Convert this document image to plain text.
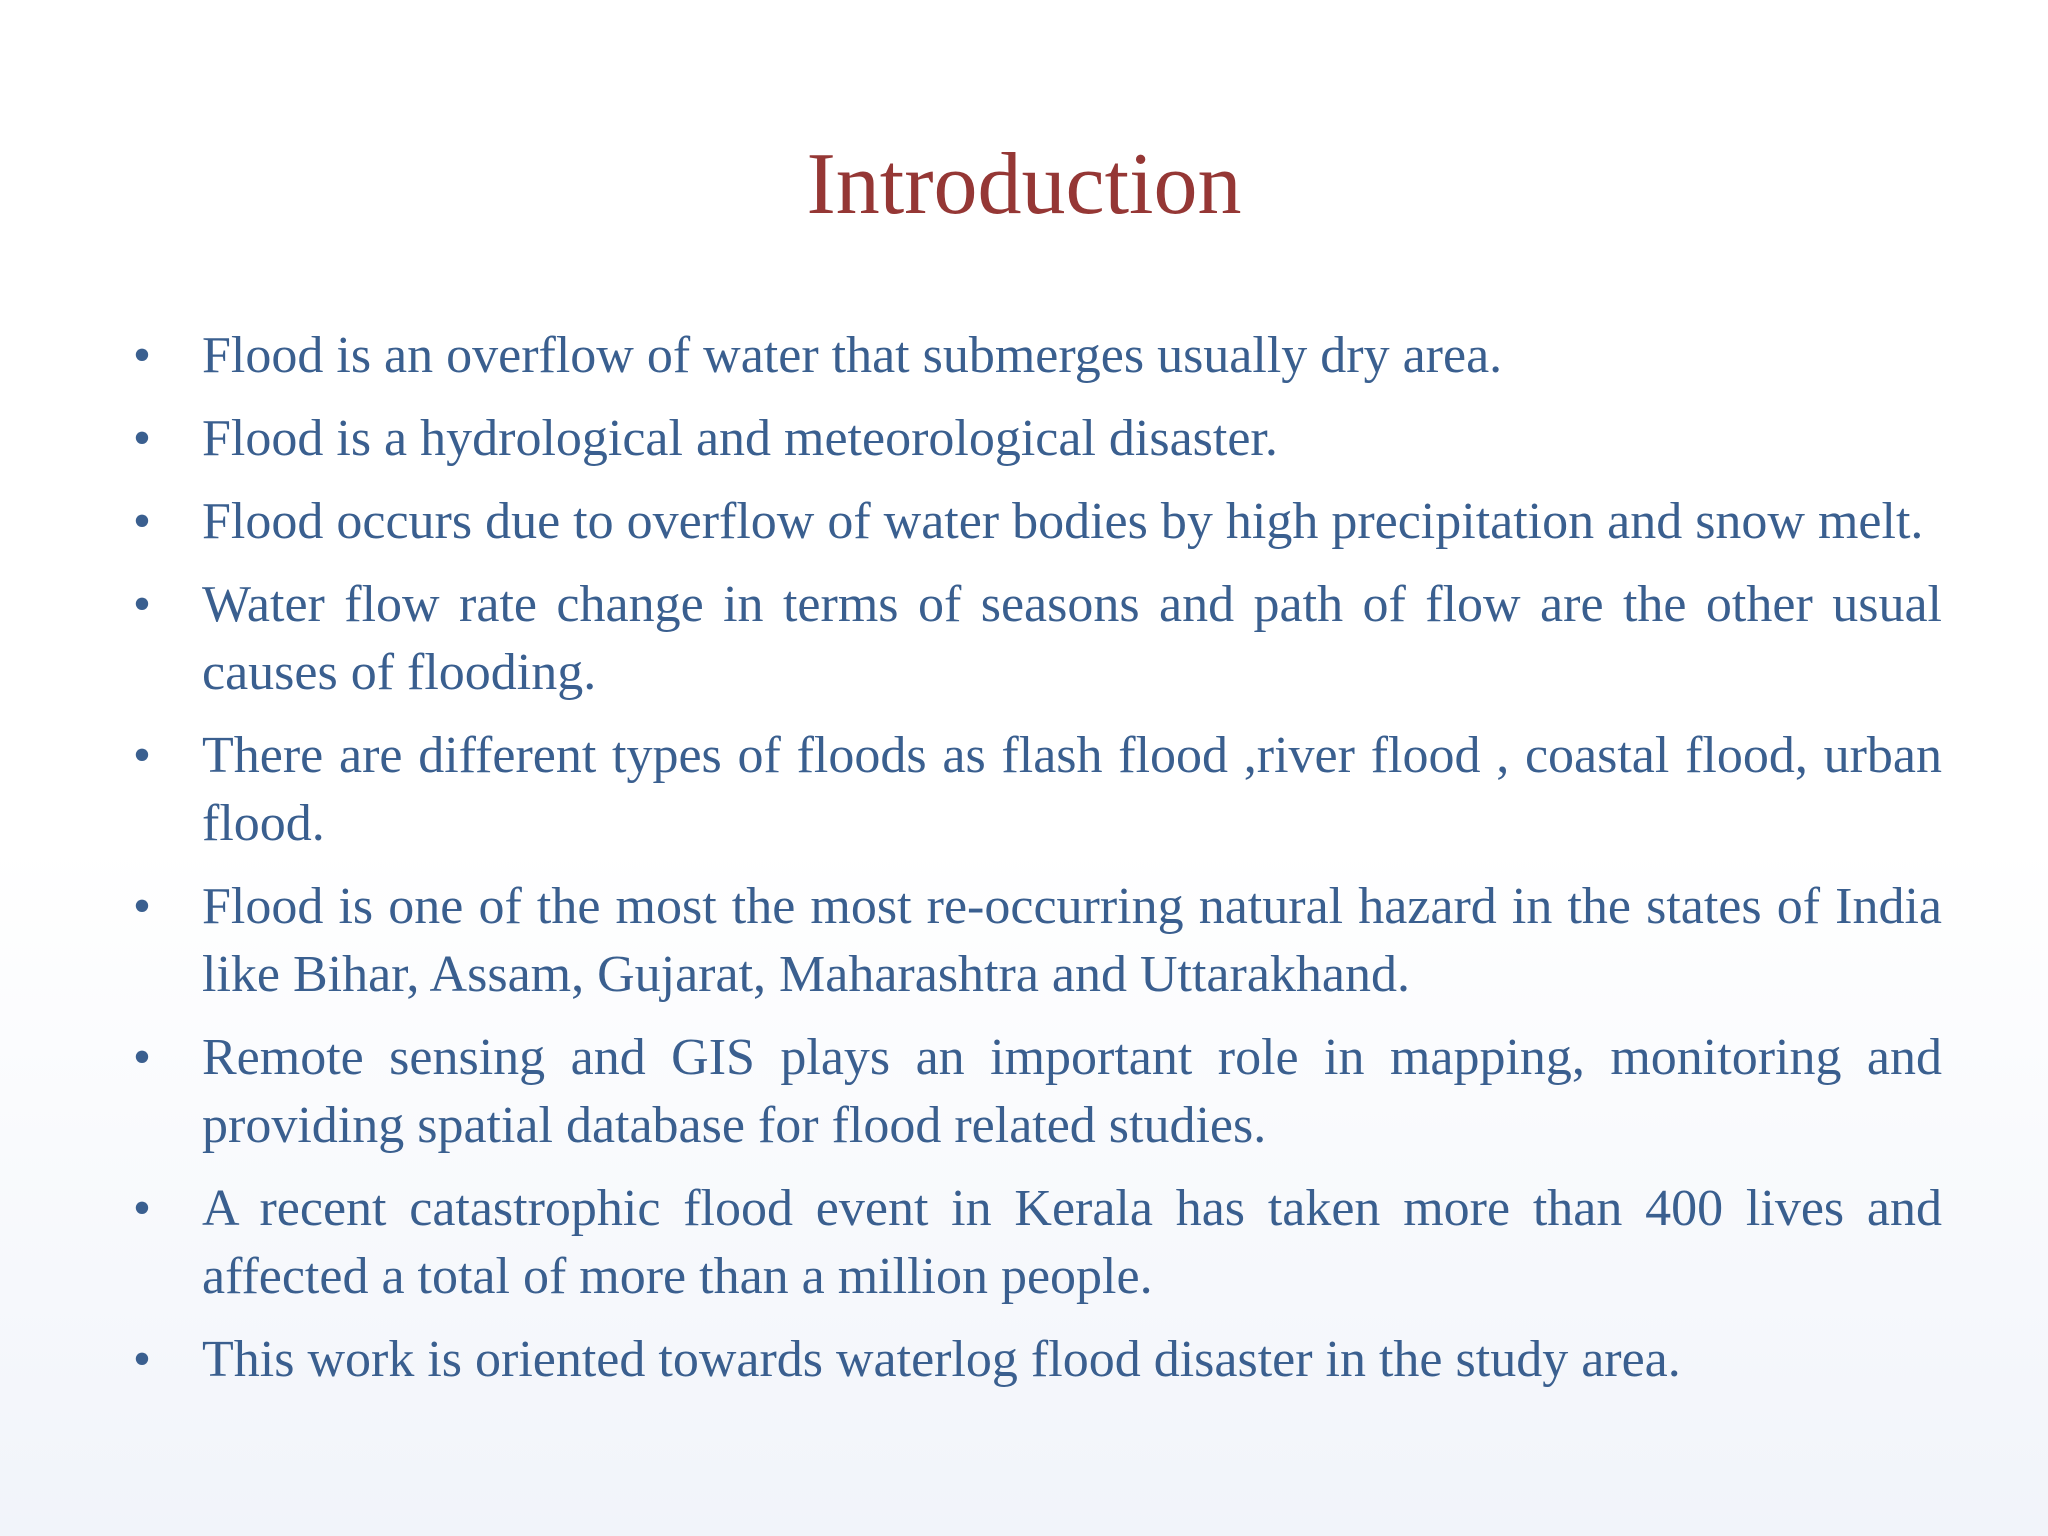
Introduction
• Flood is an overflow of water that submerges usually dry area.
• Flood is a hydrological and meteorological disaster.
• Flood occurs due to overflow of water bodies by high precipitation and snow melt.
• Water flow rate change in terms of seasons and path of flow are the other usual causes of flooding.
• There are different types of floods as flash flood ,river flood , coastal flood, urban flood.
• Flood is one of the most the most re-occurring natural hazard in the states of India like Bihar, Assam, Gujarat, Maharashtra and Uttarakhand.
• Remote sensing and GIS plays an important role in mapping, monitoring and providing spatial database for flood related studies.
• A recent catastrophic flood event in Kerala has taken more than 400 lives and affected a total of more than a million people.
• This work is oriented towards waterlog flood disaster in the study area.
